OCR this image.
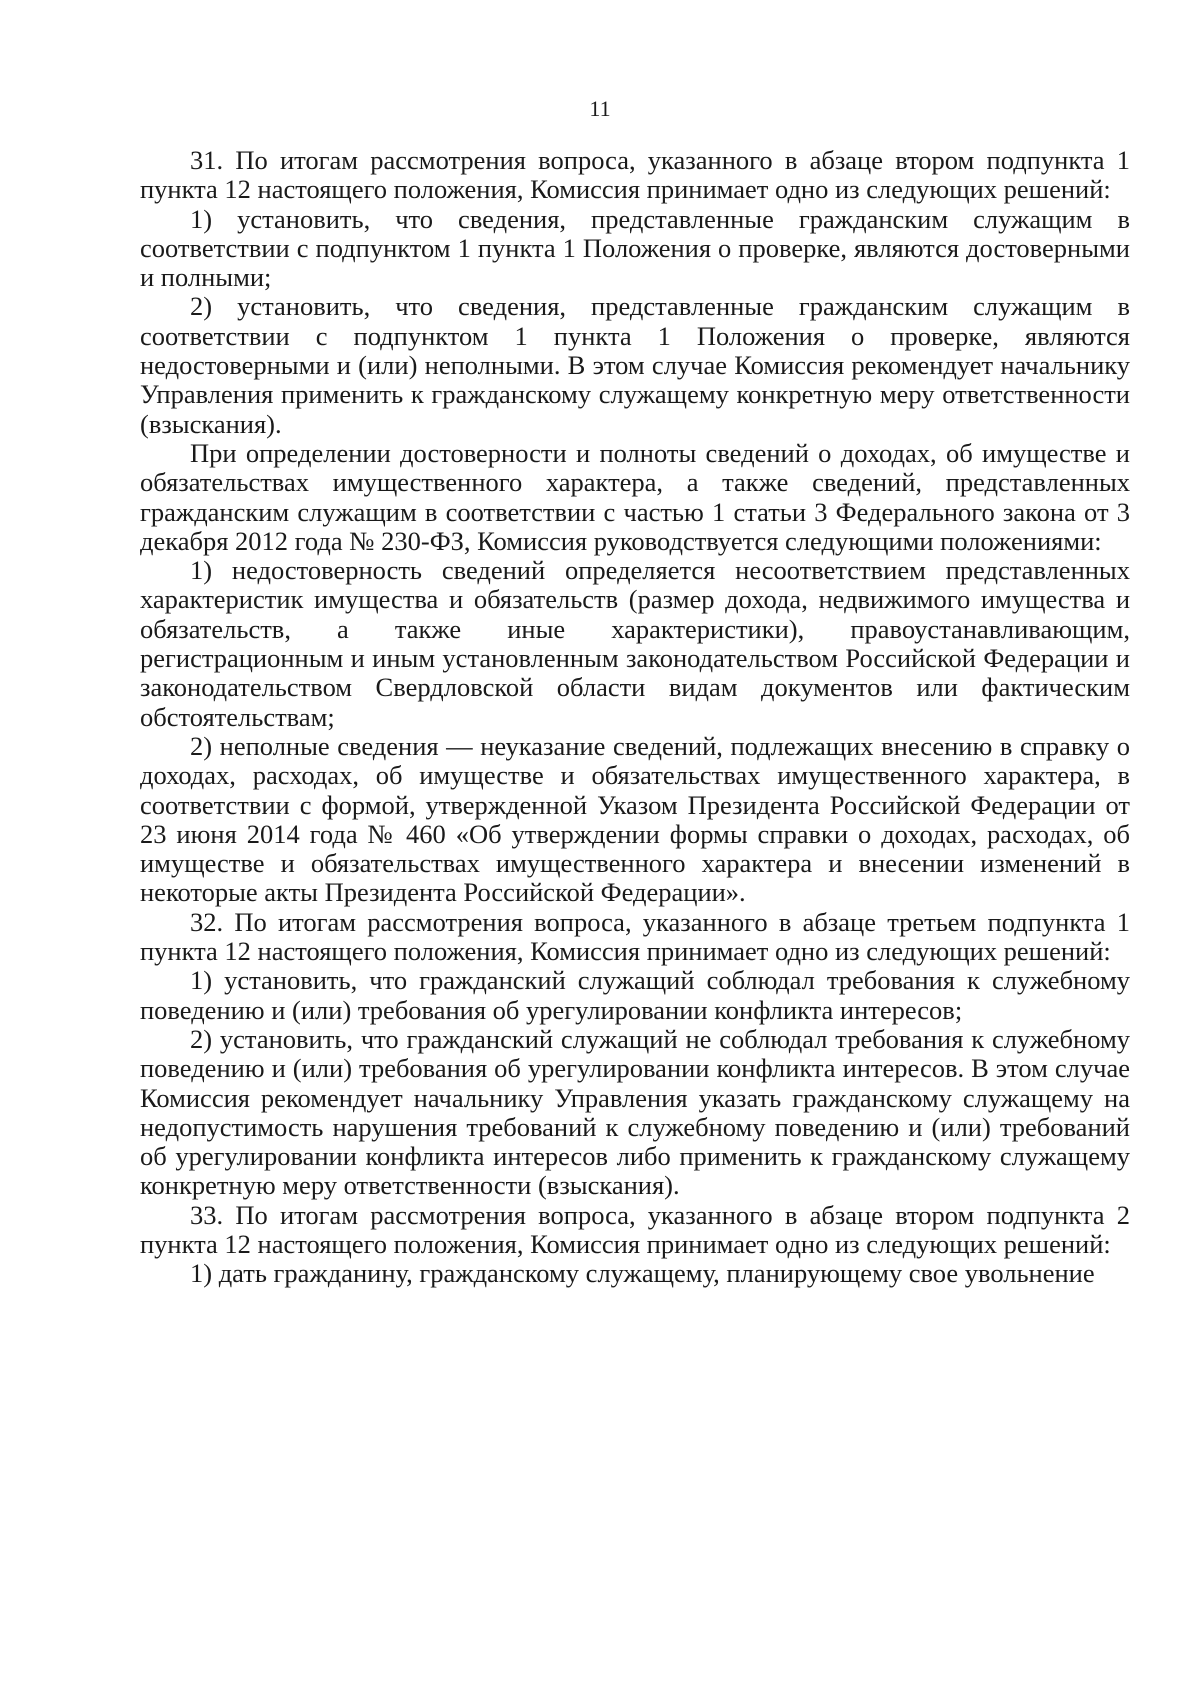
11

31. По итогам рассмотрения вопроса, указанного в абзаце втором подпункта 1 пункта 12 настоящего положения, Комиссия принимает одно из следующих решений:

1) установить, что сведения, представленные гражданским служащим в соответствии с подпунктом 1 пункта 1 Положения о проверке, являются достоверными и полными;

2) установить, что сведения, представленные гражданским служащим в соответствии с подпунктом 1 пункта 1 Положения о проверке, являются недостоверными и (или) неполными. В этом случае Комиссия рекомендует начальнику Управления применить к гражданскому служащему конкретную меру ответственности (взыскания).

При определении достоверности и полноты сведений о доходах, об имуществе и обязательствах имущественного характера, а также сведений, представленных гражданским служащим в соответствии с частью 1 статьи 3 Федерального закона от 3 декабря 2012 года № 230-ФЗ, Комиссия руководствуется следующими положениями:

1) недостоверность сведений определяется несоответствием представленных характеристик имущества и обязательств (размер дохода, недвижимого имущества и обязательств, а также иные характеристики), правоустанавливающим, регистрационным и иным установленным законодательством Российской Федерации и законодательством Свердловской области видам документов или фактическим обстоятельствам;

2) неполные сведения — неуказание сведений, подлежащих внесению в справку о доходах, расходах, об имуществе и обязательствах имущественного характера, в соответствии с формой, утвержденной Указом Президента Российской Федерации от 23 июня 2014 года № 460 «Об утверждении формы справки о доходах, расходах, об имуществе и обязательствах имущественного характера и внесении изменений в некоторые акты Президента Российской Федерации».

32. По итогам рассмотрения вопроса, указанного в абзаце третьем подпункта 1 пункта 12 настоящего положения, Комиссия принимает одно из следующих решений:

1) установить, что гражданский служащий соблюдал требования к служебному поведению и (или) требования об урегулировании конфликта интересов;

2) установить, что гражданский служащий не соблюдал требования к служебному поведению и (или) требования об урегулировании конфликта интересов. В этом случае Комиссия рекомендует начальнику Управления указать гражданскому служащему на недопустимость нарушения требований к служебному поведению и (или) требований об урегулировании конфликта интересов либо применить к гражданскому служащему конкретную меру ответственности (взыскания).

33. По итогам рассмотрения вопроса, указанного в абзаце втором подпункта 2 пункта 12 настоящего положения, Комиссия принимает одно из следующих решений:

1) дать гражданину, гражданскому служащему, планирующему свое увольнение
